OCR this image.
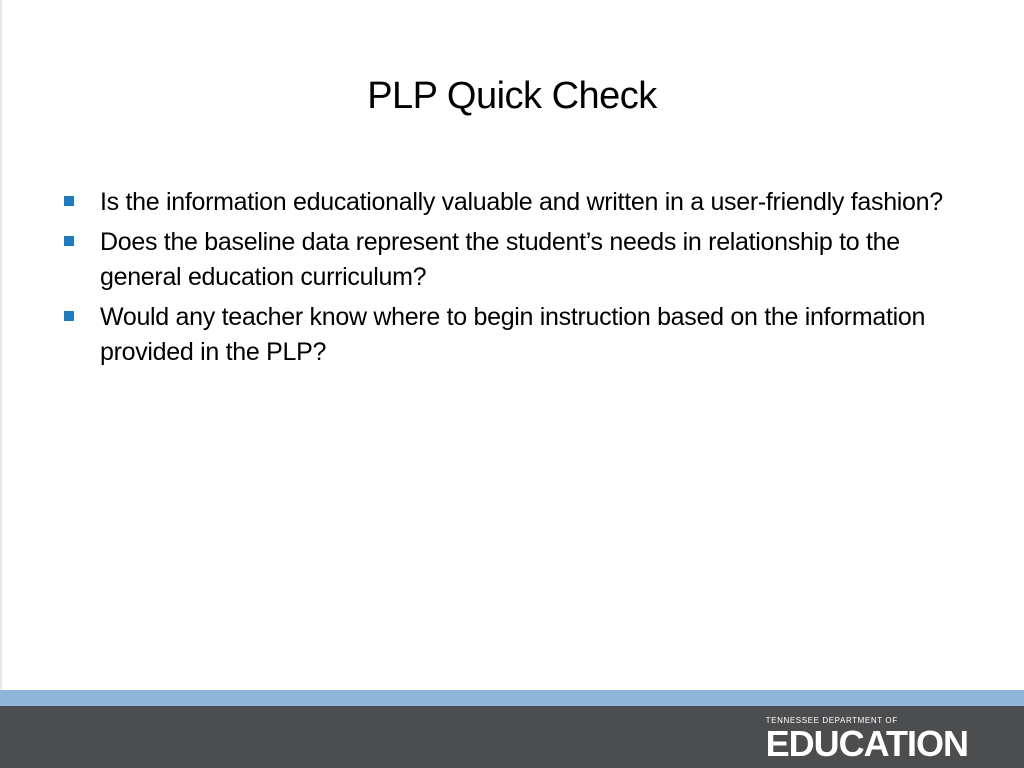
PLP Quick Check
Is the information educationally valuable and written in a user-friendly fashion?
Does the baseline data represent the student’s needs in relationship to the general education curriculum?
Would any teacher know where to begin instruction based on the information provided in the PLP?
TENNESSEE DEPARTMENT OF
EDUCATION
